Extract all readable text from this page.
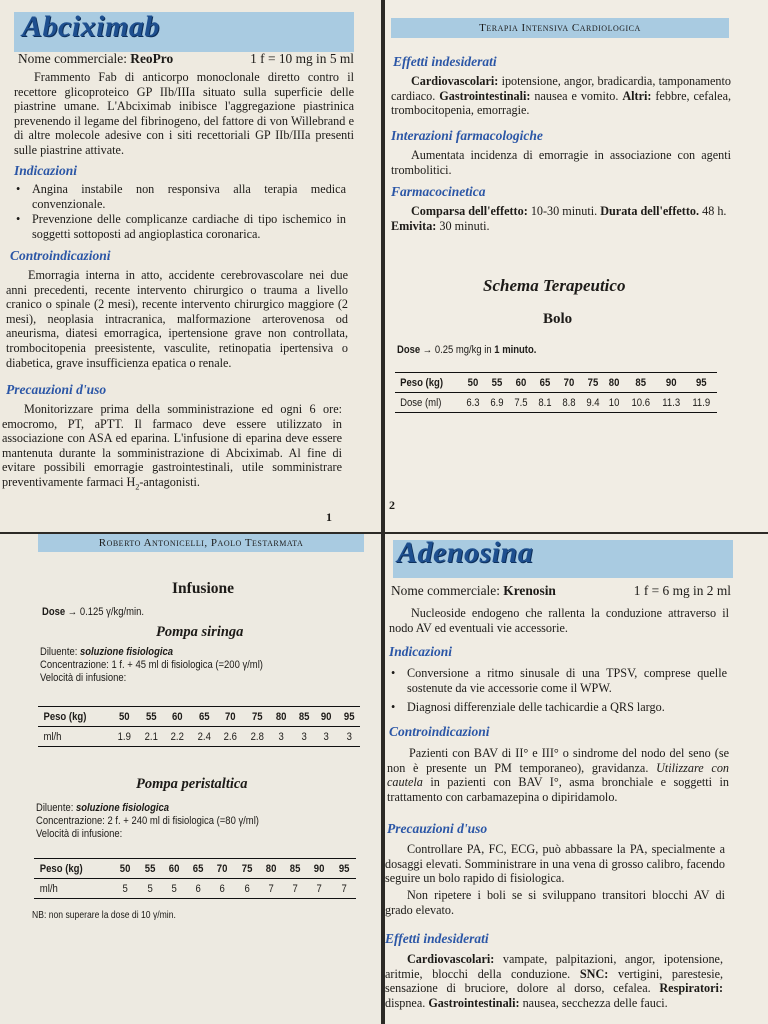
Abciximab
Nome commerciale: ReoPro	1 f = 10 mg in 5 ml
Frammento Fab di anticorpo monoclonale diretto contro il recettore glicoproteico GP IIb/IIIa situato sulla superficie delle piastrine umane. L'Abciximab inibisce l'aggregazione piastrinica prevenendo il legame del fibrinogeno, del fattore di von Willebrand e di altre molecole adesive con i siti recettoriali GP IIb/IIIa presenti sulle piastrine attivate.
Indicazioni
• Angina instabile non responsiva alla terapia medica convenzionale.
• Prevenzione delle complicanze cardiache di tipo ischemico in soggetti sottoposti ad angioplastica coronarica.
Controindicazioni
Emorragia interna in atto, accidente cerebrovascolare nei due anni precedenti, recente intervento chirurgico o trauma a livello cranico o spinale (2 mesi), recente intervento chirurgico maggiore (2 mesi), neoplasia intracranica, malformazione arterovenosa od aneurisma, diatesi emorragica, ipertensione grave non controllata, trombocitopenia preesistente, vasculite, retinopatia ipertensiva o diabetica, grave insufficienza epatica o renale.
Precauzioni d'uso
Monitorizzare prima della somministrazione ed ogni 6 ore: emocromo, PT, aPTT. Il farmaco deve essere utilizzato in associazione con ASA ed eparina. L'infusione di eparina deve essere mantenuta durante la somministrazione di Abciximab. Al fine di evitare possibili emorragie gastrointestinali, utile somministrare preventivamente farmaci $H_2$-antagonisti.
1
Terapia Intensiva Cardiologica
Effetti indesiderati
Cardiovascolari: ipotensione, angor, bradicardia, tamponamento cardiaco. Gastrointestinali: nausea e vomito. Altri: febbre, cefalea, trombocitopenia, emorragie.
Interazioni farmacologiche
Aumentata incidenza di emorragie in associazione con agenti trombolitici.
Farmacocinetica
Comparsa dell'effetto: 10-30 minuti. Durata dell'effetto. 48 h. Emivita: 30 minuti.
Schema Terapeutico
Bolo
Dose → 0.25 mg/kg in 1 minuto.
Peso (kg)	50	55	60	65	70	75	80	85	90	95
Dose (ml)	6.3	6.9	7.5	8.1	8.8	9.4	10	10.6	11.3	11.9
2
Roberto Antonicelli, Paolo Testarmata
Infusione
Dose → 0.125 γ/kg/min.
Pompa siringa
Diluente: soluzione fisiologica
Concentrazione: 1 f. + 45 ml di fisiologica (=200 γ/ml)
Velocità di infusione:
Peso (kg)	50	55	60	65	70	75	80	85	90	95
ml/h	1.9	2.1	2.2	2.4	2.6	2.8	3	3	3	3
Pompa peristaltica
Diluente: soluzione fisiologica
Concentrazione: 2 f. + 240 ml di fisiologica (=80 γ/ml)
Velocità di infusione:
Peso (kg)	50	55	60	65	70	75	80	85	90	95
ml/h	5	5	5	6	6	6	7	7	7	7
NB: non superare la dose di 10 γ/min.
Adenosina
Nome commerciale: Krenosin	1 f = 6 mg in 2 ml
Nucleoside endogeno che rallenta la conduzione attraverso il nodo AV ed eventuali vie accessorie.
Indicazioni
• Conversione a ritmo sinusale di una TPSV, comprese quelle sostenute da vie accessorie come il WPW.
• Diagnosi differenziale delle tachicardie a QRS largo.
Controindicazioni
Pazienti con BAV di II° e III° o sindrome del nodo del seno (se non è presente un PM temporaneo), gravidanza. Utilizzare con cautela in pazienti con BAV I°, asma bronchiale e soggetti in trattamento con carbamazepina o dipiridamolo.
Precauzioni d'uso
Controllare PA, FC, ECG, può abbassare la PA, specialmente a dosaggi elevati. Somministrare in una vena di grosso calibro, facendo seguire un bolo rapido di fisiologica.
Non ripetere i boli se si sviluppano transitori blocchi AV di grado elevato.
Effetti indesiderati
Cardiovascolari: vampate, palpitazioni, angor, ipotensione, aritmie, blocchi della conduzione. SNC: vertigini, parestesie, sensazione di bruciore, dolore al dorso, cefalea. Respiratori: dispnea. Gastrointestinali: nausea, secchezza delle fauci.
